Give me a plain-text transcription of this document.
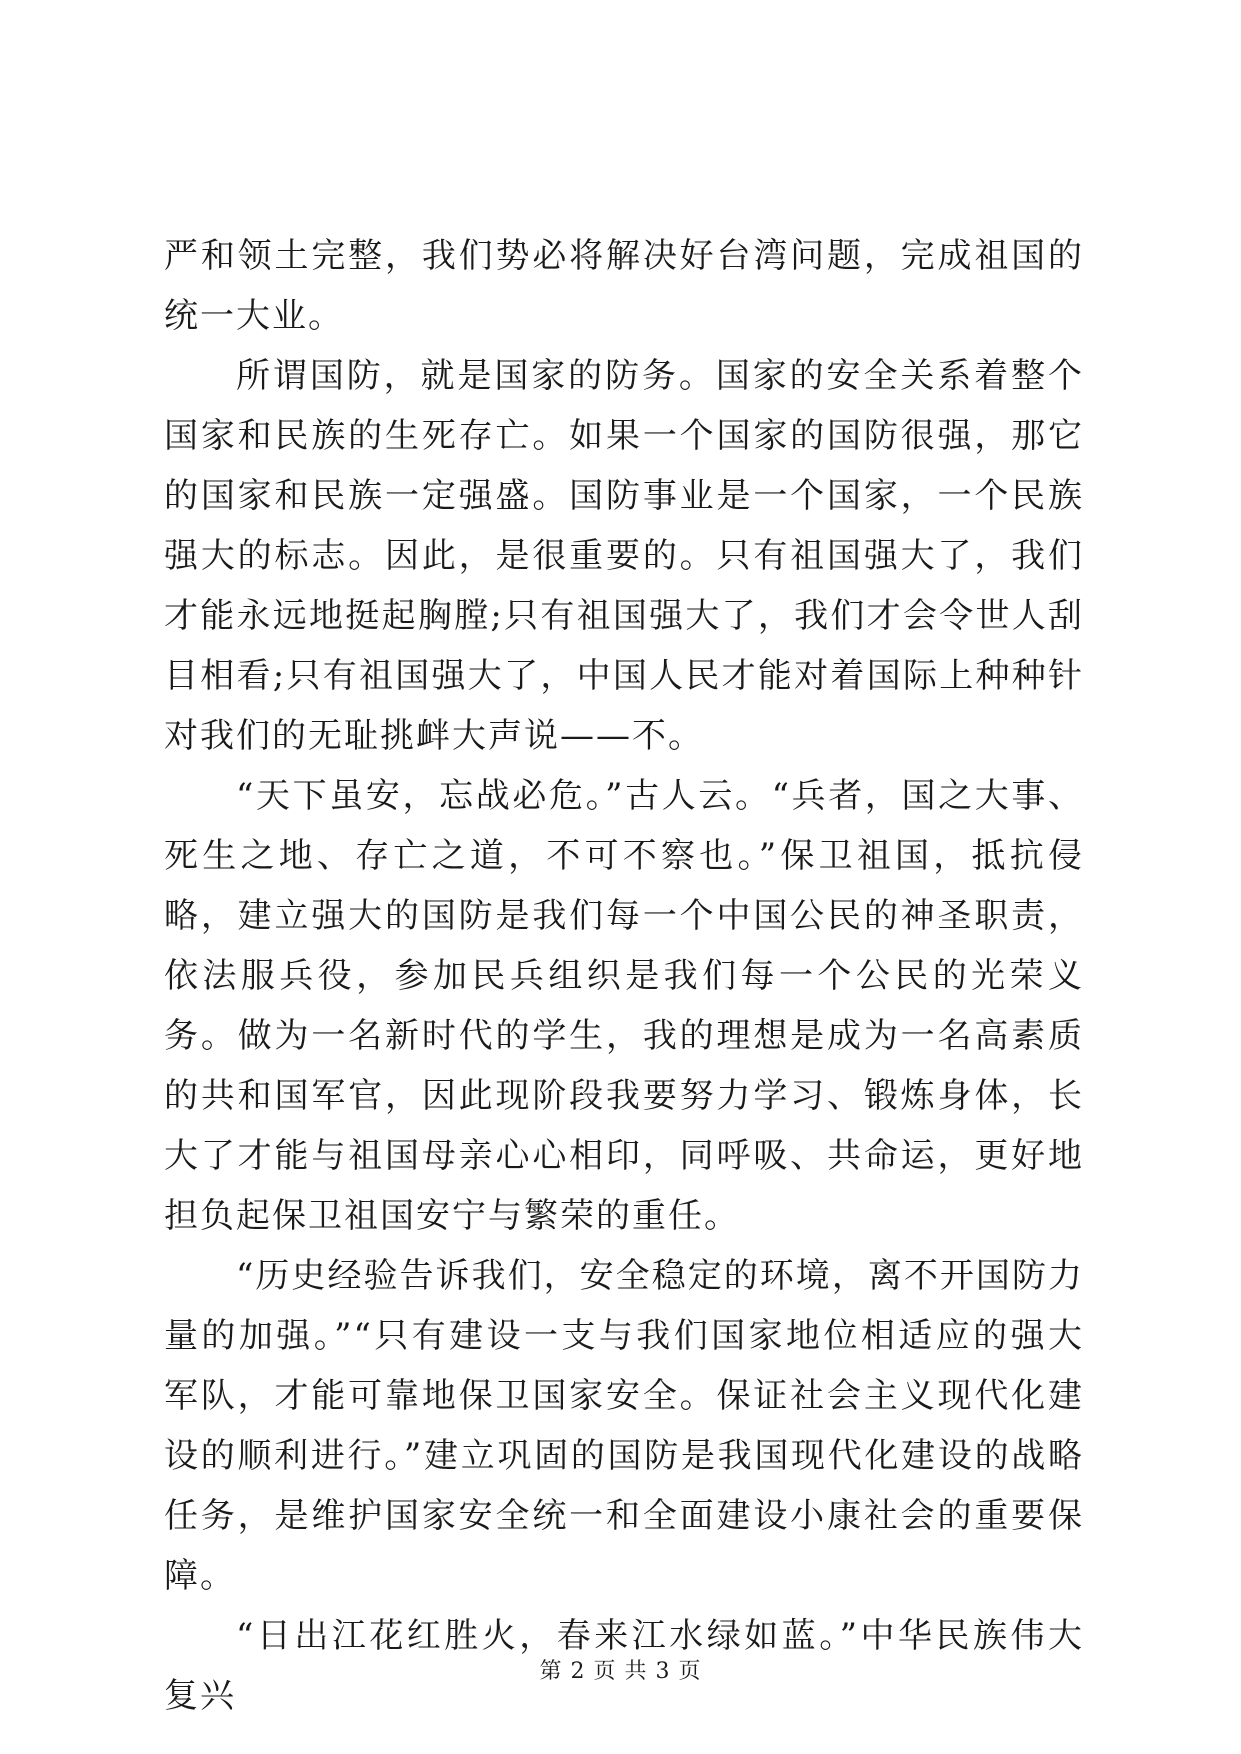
严和领土完整，我们势必将解决好台湾问题，完成祖国的统一大业。

所谓国防，就是国家的防务。国家的安全关系着整个国家和民族的生死存亡。如果一个国家的国防很强，那它的国家和民族一定强盛。国防事业是一个国家，一个民族强大的标志。因此，是很重要的。只有祖国强大了，我们才能永远地挺起胸膛;只有祖国强大了，我们才会令世人刮目相看;只有祖国强大了，中国人民才能对着国际上种种针对我们的无耻挑衅大声说——不。

“天下虽安，忘战必危。”古人云。“兵者，国之大事、死生之地、存亡之道，不可不察也。”保卫祖国，抵抗侵略，建立强大的国防是我们每一个中国公民的神圣职责，依法服兵役，参加民兵组织是我们每一个公民的光荣义务。做为一名新时代的学生，我的理想是成为一名高素质的共和国军官，因此现阶段我要努力学习、锻炼身体，长大了才能与祖国母亲心心相印，同呼吸、共命运，更好地担负起保卫祖国安宁与繁荣的重任。

“历史经验告诉我们，安全稳定的环境，离不开国防力量的加强。”“只有建设一支与我们国家地位相适应的强大军队，才能可靠地保卫国家安全。保证社会主义现代化建设的顺利进行。”建立巩固的国防是我国现代化建设的战略任务，是维护国家安全统一和全面建设小康社会的重要保障。

“日出江花红胜火，春来江水绿如蓝。”中华民族伟大复兴

第 2 页 共 3 页
